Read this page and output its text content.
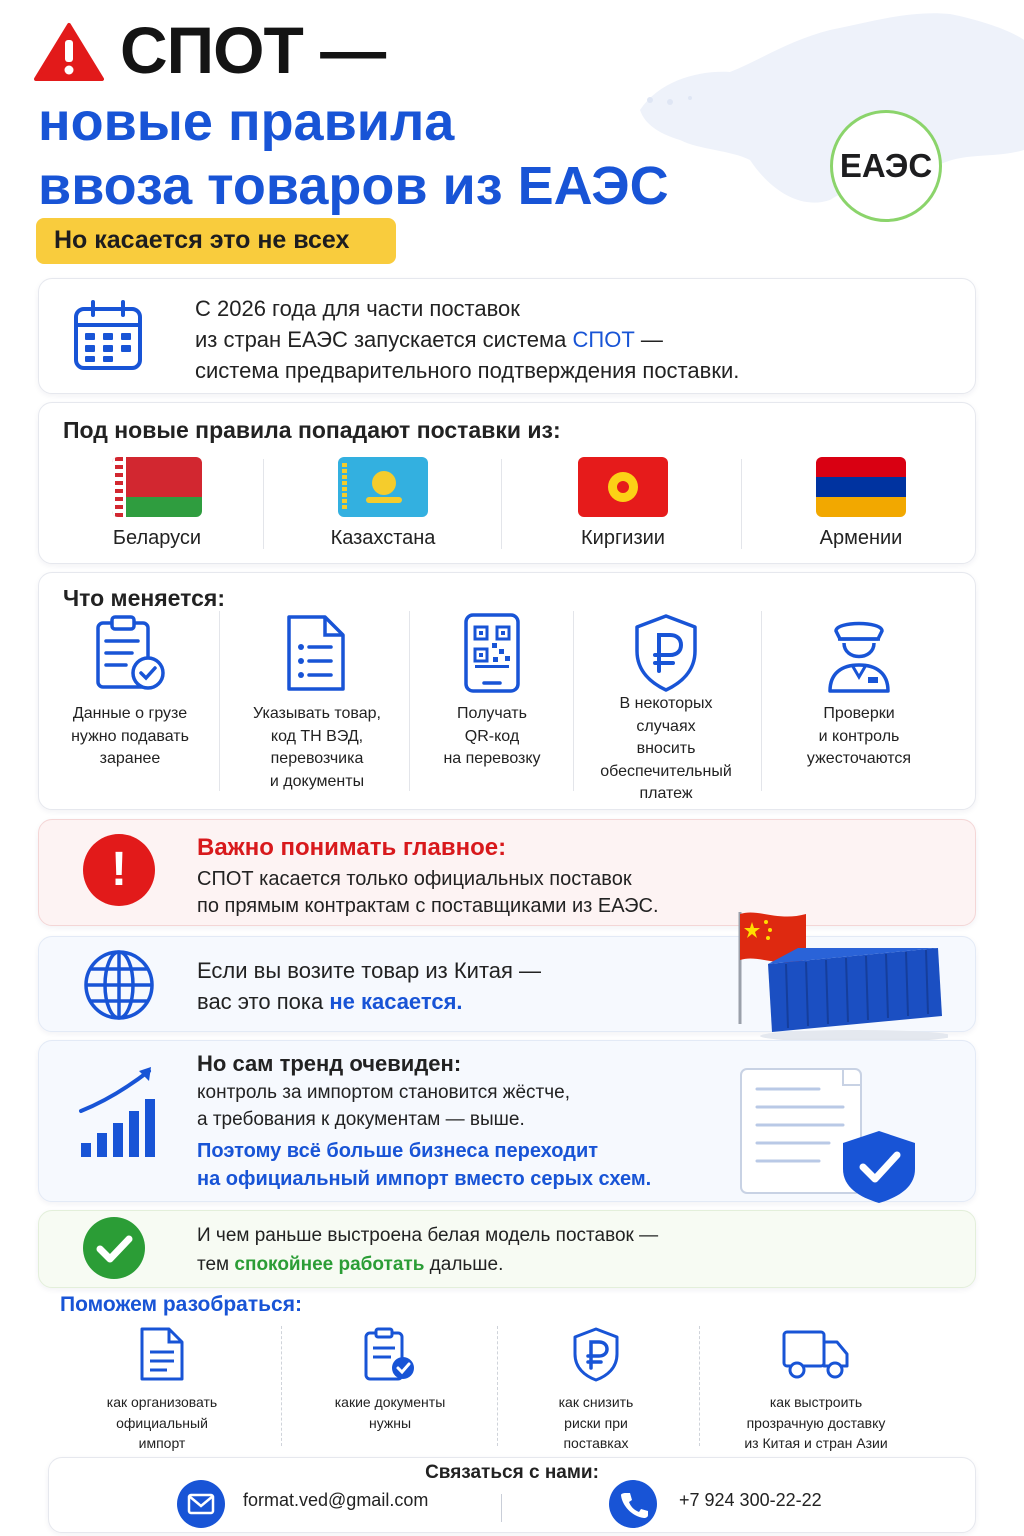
ЕАЭС
СПОТ —
новые правила
ввоза товаров из ЕАЭС
Но касается это не всех
С 2026 года для части поставок
из стран ЕАЭС запускается система СПОТ —
система предварительного подтверждения поставки.
Под новые правила попадают поставки из:
Беларуси	Казахстана	Киргизии	Армении
Что меняется:
Данные о грузе
нужно подавать
заранее
Указывать товар,
код ТН ВЭД,
перевозчика
и документы
Получать
QR-код
на перевозку
В некоторых
случаях
вносить
обеспечительный
платеж
Проверки
и контроль
ужесточаются
!	Важно понимать главное:
СПОТ касается только официальных поставок
по прямым контрактам с поставщиками из ЕАЭС.
Если вы возите товар из Китая —
вас это пока не касается.
Но сам тренд очевиден:
контроль за импортом становится жёстче,
а требования к документам — выше.
Поэтому всё больше бизнеса переходит
на официальный импорт вместо серых схем.
И чем раньше выстроена белая модель поставок —
тем спокойнее работать дальше.
Поможем разобраться:
как организовать
официальный
импорт
какие документы
нужны
как снизить
риски при
поставках
как выстроить
прозрачную доставку
из Китая и стран Азии
Связаться с нами:
format.ved@gmail.com	+7 924 300-22-22
